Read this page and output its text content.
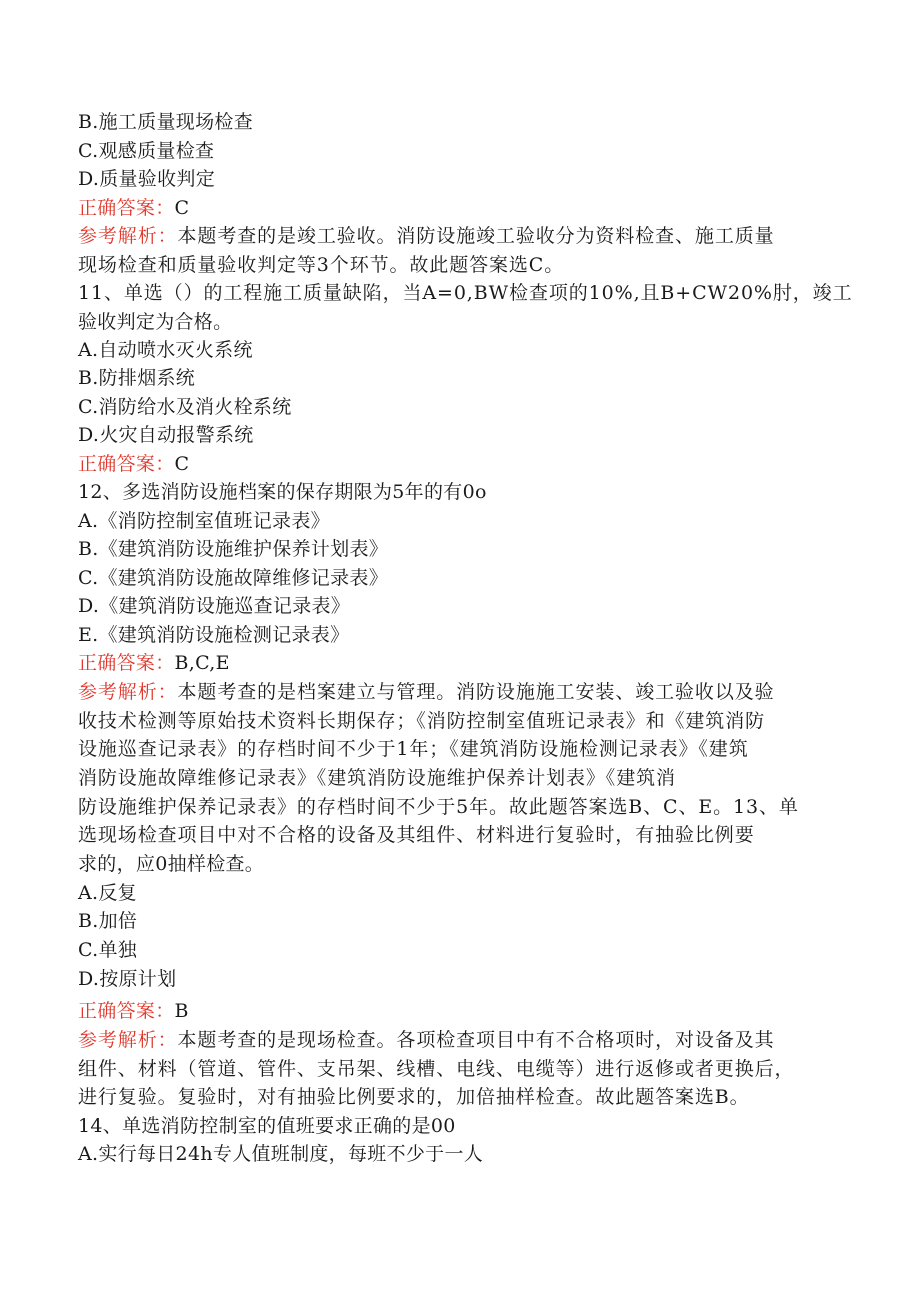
B.施工质量现场检查
C.观感质量检查
D.质量验收判定
正确答案：C
参考解析：本题考查的是竣工验收。消防设施竣工验收分为资料检查、施工质量
现场检查和质量验收判定等3个环节。故此题答案选C。
11、单选（）的工程施工质量缺陷，当A=0,BW检查项的10%,且B+CW20%肘，竣工
验收判定为合格。
A.自动喷水灭火系统
B.防排烟系统
C.消防给水及消火栓系统
D.火灾自动报警系统
正确答案：C
12、多选消防设施档案的保存期限为5年的有0o
A.《消防控制室值班记录表》
B.《建筑消防设施维护保养计划表》
C.《建筑消防设施故障维修记录表》
D.《建筑消防设施巡查记录表》
E.《建筑消防设施检测记录表》
正确答案：B,C,E
参考解析：本题考查的是档案建立与管理。消防设施施工安装、竣工验收以及验
收技术检测等原始技术资料长期保存；《消防控制室值班记录表》和《建筑消防
设施巡查记录表》的存档时间不少于1年；《建筑消防设施检测记录表》《建筑
消防设施故障维修记录表》《建筑消防设施维护保养计划表》《建筑消
防设施维护保养记录表》的存档时间不少于5年。故此题答案选B、C、E。13、单
选现场检查项目中对不合格的设备及其组件、材料进行复验时，有抽验比例要
求的，应0抽样检查。
A.反复
B.加倍
C.单独
D.按原计划
正确答案：B
参考解析：本题考查的是现场检查。各项检查项目中有不合格项时，对设备及其
组件、材料（管道、管件、支吊架、线槽、电线、电缆等）进行返修或者更换后，
进行复验。复验时，对有抽验比例要求的，加倍抽样检查。故此题答案选B。
14、单选消防控制室的值班要求正确的是00
A.实行每日24h专人值班制度，每班不少于一人
